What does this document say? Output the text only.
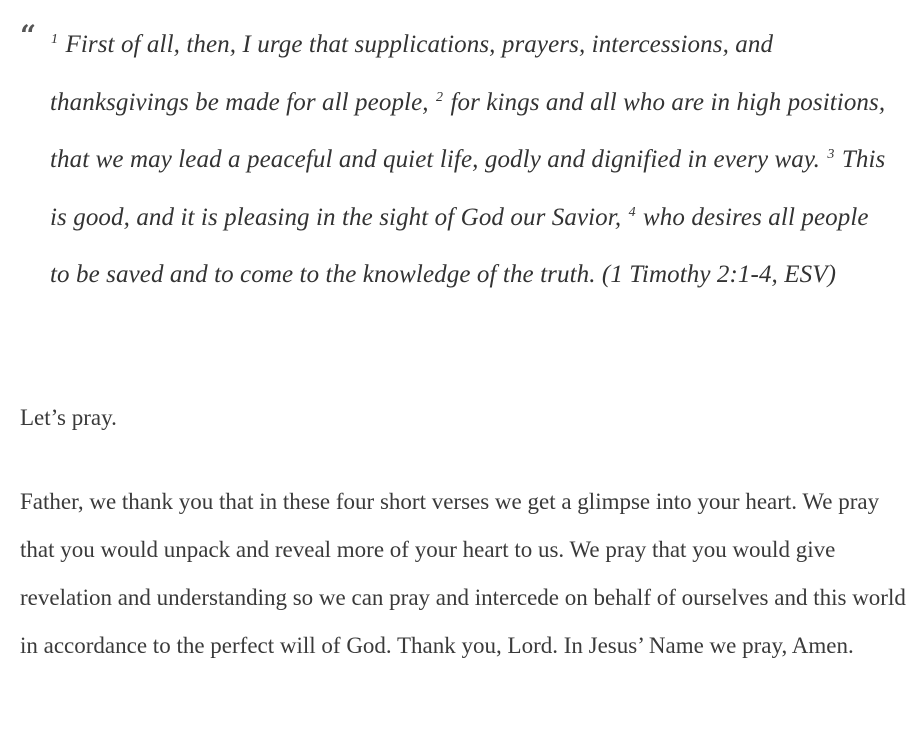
“	$^1$ First of all, then, I urge that supplications, prayers, intercessions, and thanksgivings be made for all people, $^2$ for kings and all who are in high positions, that we may lead a peaceful and quiet life, godly and dignified in every way. $^3$ This is good, and it is pleasing in the sight of God our Savior, $^4$ who desires all people to be saved and to come to the knowledge of the truth. (1 Timothy 2:1-4, ESV)

Let’s pray.

Father, we thank you that in these four short verses we get a glimpse into your heart. We pray that you would unpack and reveal more of your heart to us. We pray that you would give revelation and understanding so we can pray and intercede on behalf of ourselves and this world in accordance to the perfect will of God. Thank you, Lord. In Jesus’ Name we pray, Amen.
